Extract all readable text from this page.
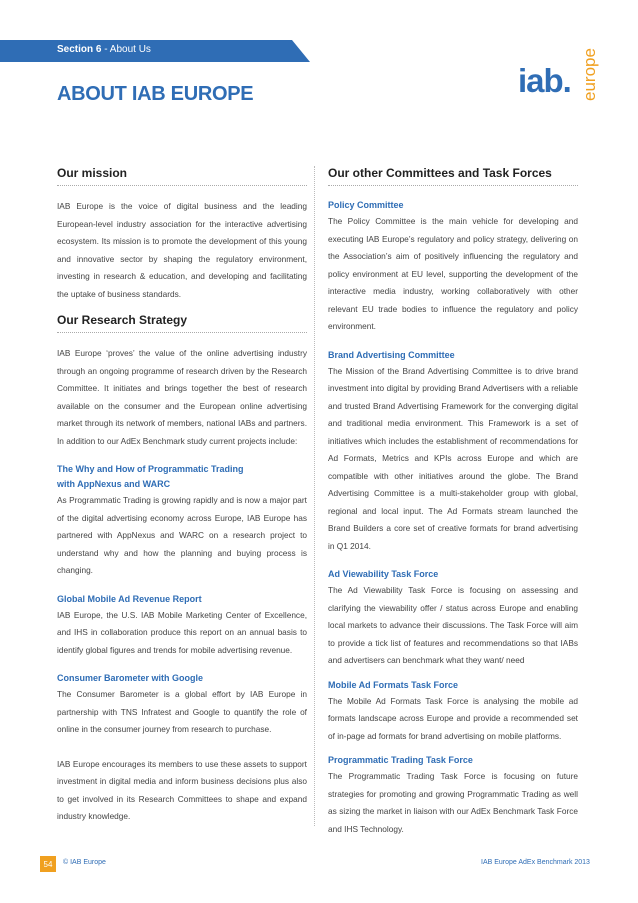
Section 6 - About Us
ABOUT IAB EUROPE	iab. europe
Our mission

IAB Europe is the voice of digital business and the leading European-level industry association for the interactive advertising ecosystem. Its mission is to promote the development of this young and innovative sector by shaping the regulatory environment, investing in research & education, and developing and facilitating the uptake of business standards.

Our Research Strategy

IAB Europe ‘proves’ the value of the online advertising industry through an ongoing programme of research driven by the Research Committee. It initiates and brings together the best of research available on the consumer and the European online advertising market through its network of members, national IABs and partners. In addition to our AdEx Benchmark study current projects include:

The Why and How of Programmatic Trading
with AppNexus and WARC

As Programmatic Trading is growing rapidly and is now a major part of the digital advertising economy across Europe, IAB Europe has partnered with AppNexus and WARC on a research project to understand why and how the planning and buying process is changing.

Global Mobile Ad Revenue Report

IAB Europe, the U.S. IAB Mobile Marketing Center of Excellence, and IHS in collaboration produce this report on an annual basis to identify global figures and trends for mobile advertising revenue.

Consumer Barometer with Google

The Consumer Barometer is a global effort by IAB Europe in partnership with TNS Infratest and Google to quantify the role of online in the consumer journey from research to purchase.

IAB Europe encourages its members to use these assets to support investment in digital media and inform business decisions plus also to get involved in its Research Committees to shape and expand industry knowledge.

Our other Committees and Task Forces
Policy Committee

The Policy Committee is the main vehicle for developing and executing IAB Europe’s regulatory and policy strategy, delivering on the Association’s aim of positively influencing the regulatory and policy environment at EU level, supporting the development of the interactive media industry, working collaboratively with other relevant EU trade bodies to influence the regulatory and policy environment.

Brand Advertising Committee

The Mission of the Brand Advertising Committee is to drive brand investment into digital by providing Brand Advertisers with a reliable and trusted Brand Advertising Framework for the converging digital and traditional media environment. This Framework is a set of initiatives which includes the establishment of recommendations for Ad Formats, Metrics and KPIs across Europe and which are compatible with other initiatives around the globe. The Brand Advertising Committee is a multi-stakeholder group with global, regional and local input. The Ad Formats stream launched the Brand Builders a core set of creative formats for brand advertising in Q1 2014.

Ad Viewability Task Force

The Ad Viewability Task Force is focusing on assessing and clarifying the viewability offer / status across Europe and enabling local markets to advance their discussions. The Task Force will aim to provide a tick list of features and recommendations so that IABs and advertisers can benchmark what they want/ need

Mobile Ad Formats Task Force

The Mobile Ad Formats Task Force is analysing the mobile ad formats landscape across Europe and provide a recommended set of in-page ad formats for brand advertising on mobile platforms.

Programmatic Trading Task Force

The Programmatic Trading Task Force is focusing on future strategies for promoting and growing Programmatic Trading as well as sizing the market in liaison with our AdEx Benchmark Task Force and IHS Technology.

54	© IAB Europe	IAB Europe AdEx Benchmark 2013
